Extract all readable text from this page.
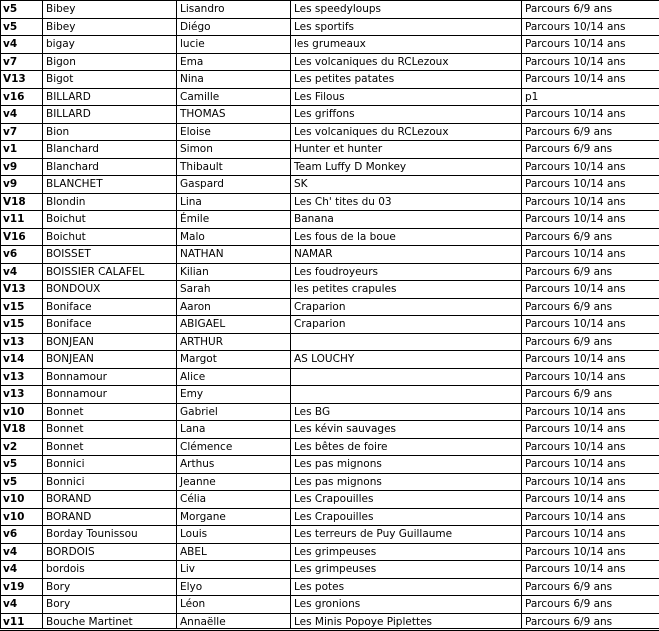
v5	Bibey	Lisandro	Les speedyloups	Parcours 6/9 ans	
v5	Bibey	Diégo	Les sportifs	Parcours 10/14 ans	
v4	bigay	lucie	les grumeaux	Parcours 10/14 ans	
v7	Bigon	Ema	Les volcaniques du RCLezoux	Parcours 10/14 ans	
V13	Bigot	Nina	Les petites patates	Parcours 10/14 ans	
v16	BILLARD	Camille	Les Filous	p1	
v4	BILLARD	THOMAS	Les griffons	Parcours 10/14 ans	
v7	Bion	Eloise	Les volcaniques du RCLezoux	Parcours 6/9 ans	
v1	Blanchard	Simon	Hunter et hunter	Parcours 6/9 ans	
v9	Blanchard	Thibault	Team Luffy D Monkey	Parcours 10/14 ans	
v9	BLANCHET	Gaspard	SK	Parcours 10/14 ans	
V18	Blondin	Lina	Les Ch' tites du 03	Parcours 10/14 ans	
v11	Boichut	Émile	Banana	Parcours 10/14 ans	
V16	Boichut	Malo	Les fous de la boue	Parcours 6/9 ans	
v6	BOISSET	NATHAN	NAMAR	Parcours 10/14 ans	
v4	BOISSIER CALAFEL	Kilian	Les foudroyeurs	Parcours 6/9 ans	
V13	BONDOUX	Sarah	les petites crapules	Parcours 10/14 ans	
v15	Boniface	Aaron	Craparion	Parcours 6/9 ans	
v15	Boniface	ABIGAEL	Craparion	Parcours 10/14 ans	
v13	BONJEAN	ARTHUR		Parcours 6/9 ans	
v14	BONJEAN	Margot	AS LOUCHY	Parcours 10/14 ans	
v13	Bonnamour	Alice		Parcours 10/14 ans	
v13	Bonnamour	Emy		Parcours 6/9 ans	
v10	Bonnet	Gabriel	Les BG	Parcours 10/14 ans	
V18	Bonnet	Lana	Les kévin sauvages	Parcours 10/14 ans	
v2	Bonnet	Clémence	Les bêtes de foire	Parcours 10/14 ans	
v5	Bonnici	Arthus	Les pas mignons	Parcours 10/14 ans	
v5	Bonnici	Jeanne	Les pas mignons	Parcours 10/14 ans	
v10	BORAND	Célia	Les Crapouilles	Parcours 10/14 ans	
v10	BORAND	Morgane	Les Crapouilles	Parcours 10/14 ans	
v6	Borday Tounissou	Louis	Les terreurs de Puy Guillaume	Parcours 10/14 ans	
v4	BORDOIS	ABEL	Les grimpeuses	Parcours 10/14 ans	
v4	bordois	Liv	Les grimpeuses	Parcours 10/14 ans	
v19	Bory	Elyo	Les potes	Parcours 6/9 ans	
v4	Bory	Léon	Les gronions	Parcours 6/9 ans	
v11	Bouche Martinet	Annaëlle	Les Minis Popoye Piplettes	Parcours 6/9 ans	
